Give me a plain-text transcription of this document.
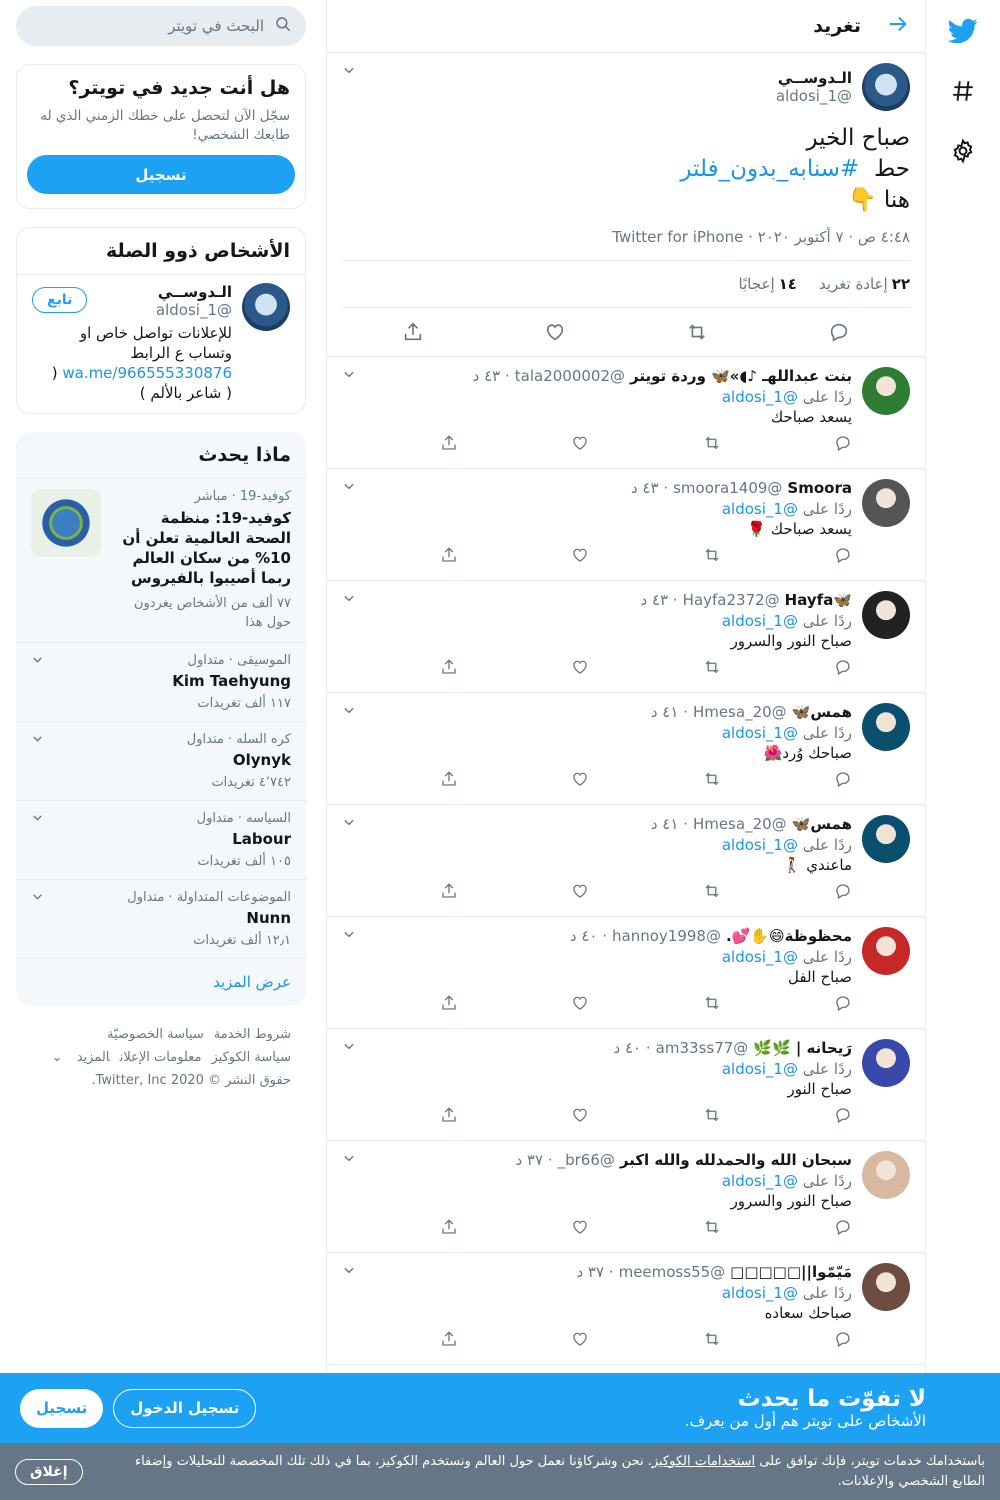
تغريد
الـدوســي
@aldosi_1
صباح الخير
حط  #سنابه_بدون_فلتر
هنا 👇
٤:٤٨ ص · ٧ أكتوبر ٢٠٢٠ · Twitter for iPhone
٢٢إعادة تغريد
١٤إعجابًا
بنت عبداللهـ ♪◖»🦋 وردة تويتر
@tala2000002
· ٤٣ د
ردًا على @aldosi_1
يسعد صباحك
Smoora
@smoora1409
· ٤٣ د
ردًا على @aldosi_1
يسعد صباحك 🌹
🦋Hayfa
@Hayfa2372
· ٤٣ د
ردًا على @aldosi_1
صباح النور والسرور
همس🦋
@Hmesa_20
· ٤١ د
ردًا على @aldosi_1
صباحك وُرد🌺
همس🦋
@Hmesa_20
· ٤١ د
ردًا على @aldosi_1
ماعندي 🚶‍♀️
محظوظة😄✋💕.
@hannoy1998
· ٤٠ د
ردًا على @aldosi_1
صباح الفل
رَيحانه | 🌿🌿
@am33ss77
· ٤٠ د
ردًا على @aldosi_1
صباح النور
سبحان الله والحمدلله والله اكبر
@br66_
· ٣٧ د
ردًا على @aldosi_1
صباح النور والسرور
مَيّمّوا||□□□□□
@meemoss55
· ٣٧ د
ردًا على @aldosi_1
صباحك سعاده
البحث في تويتر
هل أنت جديد في تويتر؟
سجّل الآن لتحصل على خطك الزمني الذي له طابعك الشخصي!
تسجيل
الأشخاص ذوو الصلة
الـدوســي
@aldosi_1
للإعلانات تواصل خاص او وتساب ع الرابط
wa.me/966555330876 (
( شاعر بالألم )
تابع
ماذا يحدث
كوفيد-19 · مباشر
كوفيد-19: منظمة الصحة العالمية تعلن أن 10% من سكان العالم ربما أصيبوا بالفيروس
٧٧ ألف من الأشخاص يغردون حول هذا
الموسيقى · متداول
Kim Taehyung
١١٧ ألف تغريدات
كره السله · متداول
Olynyk
٤٬٧٤٢ تغريدات
السياسه · متداول
Labour
١٠٥ ألف تغريدات
الموضوعات المتداولة · متداول
Nunn
١٢٫١ ألف تغريدات
عرض المزيد
شروط الخدمةسياسة الخصوصيّة
سياسة الكوكيزمعلومات الإعلانالمزيد ⌄
حقوق النشر © 2020 Twitter, Inc.
لا تفوّت ما يحدث
الأشخاص على تويتر هم أول من يعرف.
تسجيل	تسجيل الدخول
باستخدامك خدمات تويتر، فإنك توافق على استخدامات الكوكيز. نحن وشركاؤنا نعمل حول العالم ونستخدم الكوكيز، بما في ذلك تلك المخصصة للتحليلات وإضفاء الطابع الشخصي والإعلانات.
إغلاق
